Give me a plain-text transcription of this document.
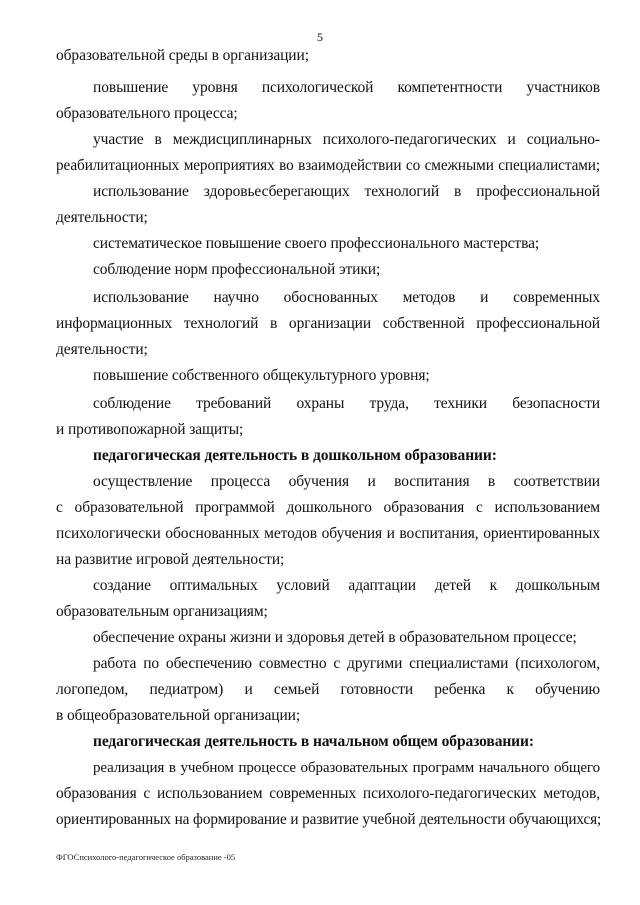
5
образовательной среды в организации;
повышение уровня психологической компетентности участников
образовательного процесса;
участие в междисциплинарных психолого-педагогических и социально-
реабилитационных мероприятиях во взаимодействии со смежными специалистами;
использование здоровьесберегающих технологий в профессиональной
деятельности;
систематическое повышение своего профессионального мастерства;
соблюдение норм профессиональной этики;
использование научно обоснованных методов и современных
информационных технологий в организации собственной профессиональной
деятельности;
повышение собственного общекультурного уровня;
соблюдение требований охраны труда, техники безопасности
и противопожарной защиты;
педагогическая деятельность в дошкольном образовании:
осуществление процесса обучения и воспитания в соответствии
с образовательной программой дошкольного образования с использованием
психологически обоснованных методов обучения и воспитания, ориентированных
на развитие игровой деятельности;
создание оптимальных условий адаптации детей к дошкольным
образовательным организациям;
обеспечение охраны жизни и здоровья детей в образовательном процессе;
работа по обеспечению совместно с другими специалистами (психологом,
логопедом, педиатром) и семьей готовности ребенка к обучению
в общеобразовательной организации;
педагогическая деятельность в начальном общем образовании:
реализация в учебном процессе образовательных программ начального общего
образования с использованием современных психолого-педагогических методов,
ориентированных на формирование и развитие учебной деятельности обучающихся;
ФГОСпсихолого-педагогическое образование -05
